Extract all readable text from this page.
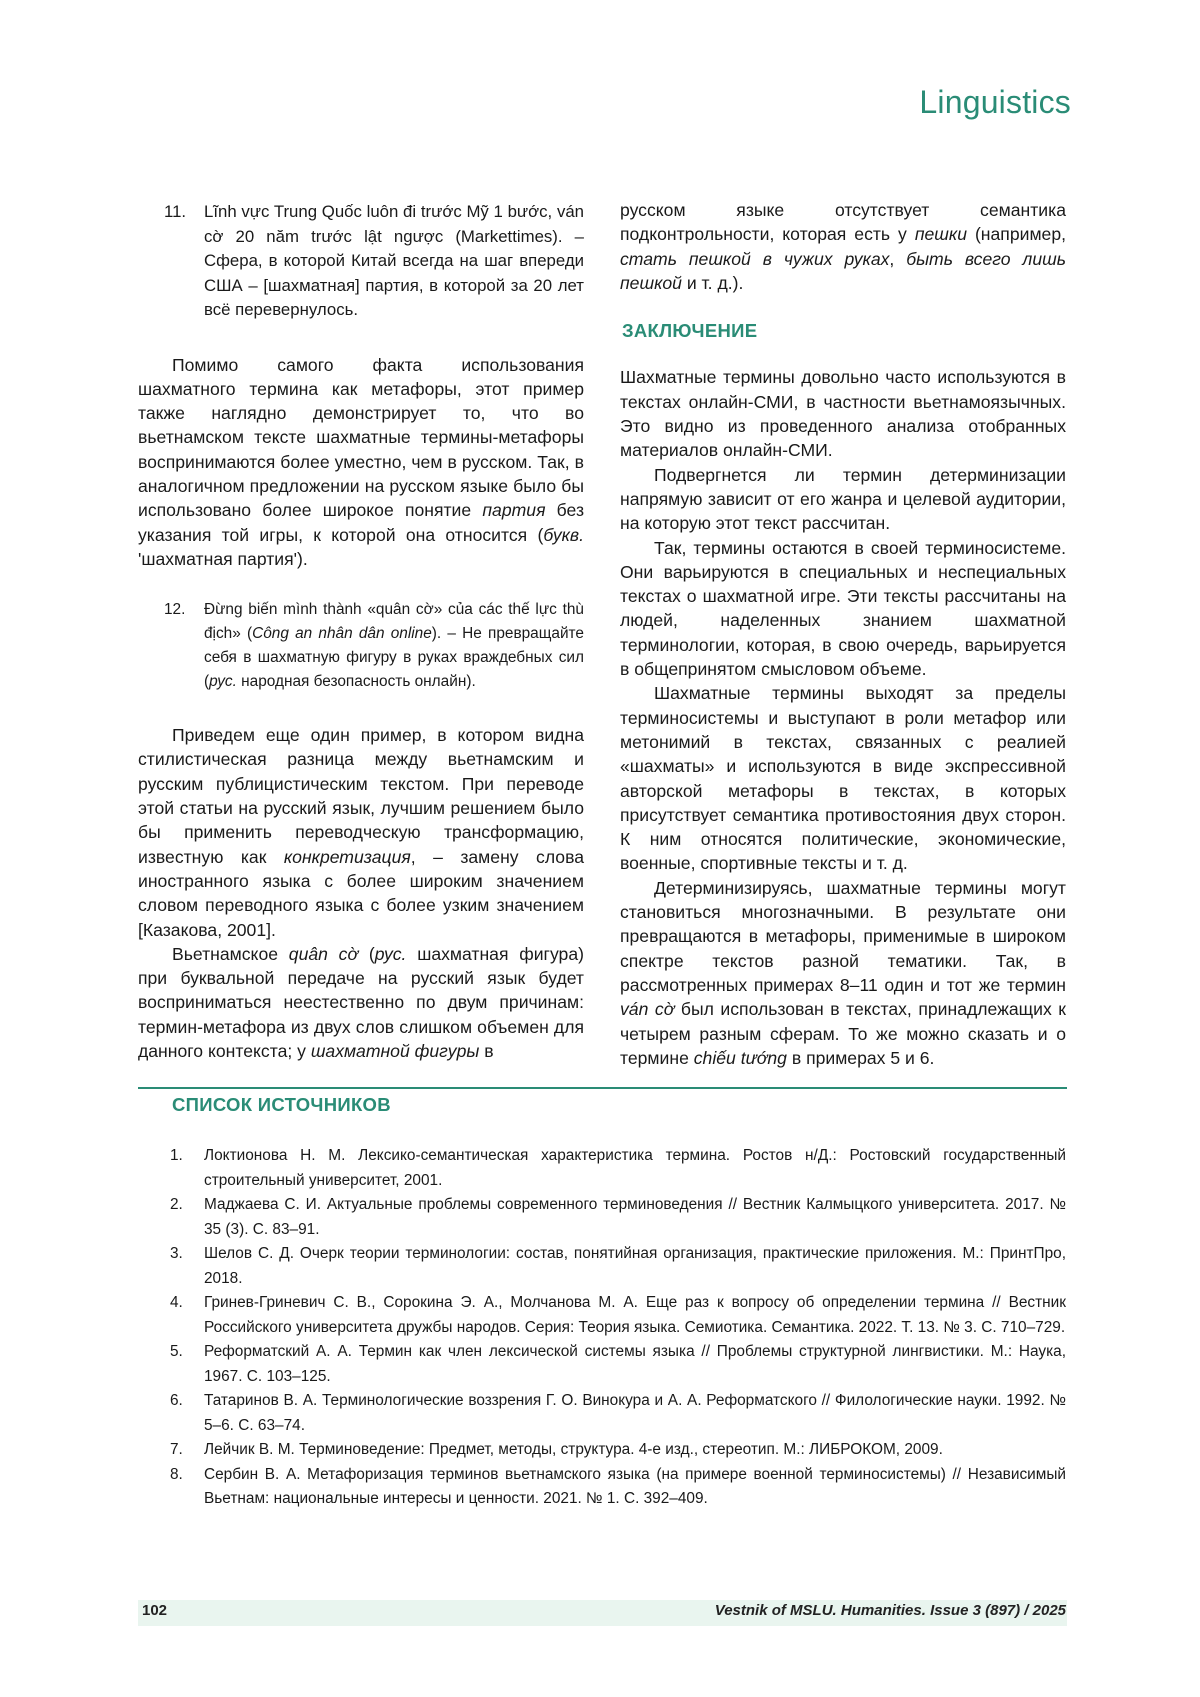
Linguistics
11.	Lĩnh vực Trung Quốc luôn đi trước Mỹ 1 bước, ván cờ 20 năm trước lật ngược (Markettimes). – Сфера, в которой Китай всегда на шаг впереди США – [шахматная] партия, в которой за 20 лет всё перевернулось.

Помимо самого факта использования шахматного термина как метафоры, этот пример также наглядно демонстрирует то, что во вьетнамском тексте шахматные термины-метафоры воспринимаются более уместно, чем в русском. Так, в аналогичном предложении на русском языке было бы использовано более широкое понятие партия без указания той игры, к которой она относится (букв. 'шахматная партия').

12.	Đừng biến mình thành «quân cờ» của các thế lực thù địch» (Công an nhân dân online). – Не превращайте себя в шахматную фигуру в руках враждебных сил (рус. народная безопасность онлайн).

Приведем еще один пример, в котором видна стилистическая разница между вьетнамским и русским публицистическим текстом. При переводе этой статьи на русский язык, лучшим решением было бы применить переводческую трансформацию, известную как конкретизация, – замену слова иностранного языка с более широким значением словом переводного языка с более узким значением [Казакова, 2001].

Вьетнамское quân cờ (рус. шахматная фигура) при буквальной передаче на русский язык будет восприниматься неестественно по двум причинам: термин-метафора из двух слов слишком объемен для данного контекста; у шахматной фигуры в

русском языке отсутствует семантика подконтрольности, которая есть у пешки (например, стать пешкой в чужих руках, быть всего лишь пешкой и т. д.).

ЗАКЛЮЧЕНИЕ

Шахматные термины довольно часто используются в текстах онлайн-СМИ, в частности вьетнамоязычных. Это видно из проведенного анализа отобранных материалов онлайн-СМИ.

Подвергнется ли термин детерминизации напрямую зависит от его жанра и целевой аудитории, на которую этот текст рассчитан.

Так, термины остаются в своей терминосистеме. Они варьируются в специальных и неспециальных текстах о шахматной игре. Эти тексты рассчитаны на людей, наделенных знанием шахматной терминологии, которая, в свою очередь, варьируется в общепринятом смысловом объеме.

Шахматные термины выходят за пределы терминосистемы и выступают в роли метафор или метонимий в текстах, связанных с реалией «шахматы» и используются в виде экспрессивной авторской метафоры в текстах, в которых присутствует семантика противостояния двух сторон. К ним относятся политические, экономические, военные, спортивные тексты и т. д.

Детерминизируясь, шахматные термины могут становиться многозначными. В результате они превращаются в метафоры, применимые в широком спектре текстов разной тематики. Так, в рассмотренных примерах 8–11 один и тот же термин ván cờ был использован в текстах, принадлежащих к четырем разным сферам. То же можно сказать и о термине chiếu tướng в примерах 5 и 6.

СПИСОК ИСТОЧНИКОВ
1.	Локтионова Н. М. Лексико-семантическая характеристика термина. Ростов н/Д.: Ростовский государственный строительный университет, 2001.
2.	Маджаева С. И. Актуальные проблемы современного терминоведения // Вестник Калмыцкого университета. 2017. № 35 (3). С. 83–91.
3.	Шелов С. Д. Очерк теории терминологии: состав, понятийная организация, практические приложения. М.: ПринтПро, 2018.
4.	Гринев-Гриневич С. В., Сорокина Э. А., Молчанова М. А. Еще раз к вопросу об определении термина // Вестник Российского университета дружбы народов. Серия: Теория языка. Семиотика. Семантика. 2022. Т. 13. № 3. С. 710–729.
5.	Реформатский А. А. Термин как член лексической системы языка // Проблемы структурной лингвистики. М.: Наука, 1967. С. 103–125.
6.	Татаринов В. А. Терминологические воззрения Г. О. Винокура и А. А. Реформатского // Филологические науки. 1992. № 5–6. С. 63–74.
7.	Лейчик В. М. Терминоведение: Предмет, методы, структура. 4-е изд., стереотип. М.: ЛИБРОКОМ, 2009.
8.	Сербин В. А. Метафоризация терминов вьетнамского языка (на примере военной терминосистемы) // Независимый Вьетнам: национальные интересы и ценности. 2021. № 1. С. 392–409.
102	Vestnik of MSLU. Humanities. Issue 3 (897) / 2025
